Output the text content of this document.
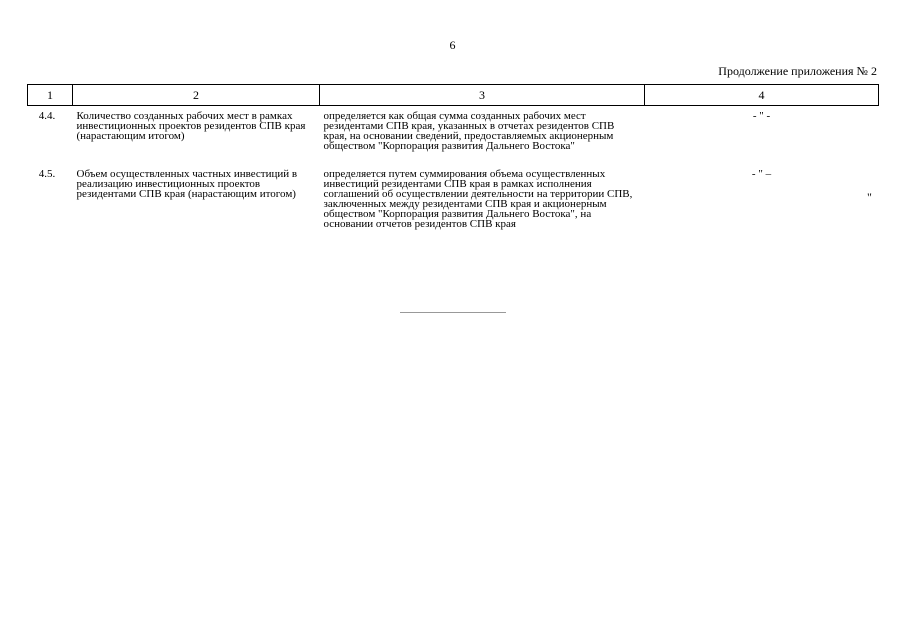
6
Продолжение приложения № 2
1	2	3	4
4.4.	Количество созданных рабочих мест в рамках инвестиционных проектов резидентов СПВ края (нарастающим итогом)	определяется как общая сумма созданных рабочих мест резидентами СПВ края, указанных в отчетах резидентов СПВ края, на основании сведений, предоставляемых акционерным обществом "Корпорация развития Дальнего Востока"	- " -
4.5.	Объем осуществленных частных инвестиций в реализацию инвестиционных проектов резидентами СПВ края (нарастающим итогом)	определяется путем суммирования объема осуществленных инвестиций резидентами СПВ края в рамках исполнения соглашений об осуществлении деятельности на территории СПВ, заключенных между резидентами СПВ края и акционерным обществом "Корпорация развития Дальнего Востока", на основании отчетов резидентов СПВ края	- " –
"
